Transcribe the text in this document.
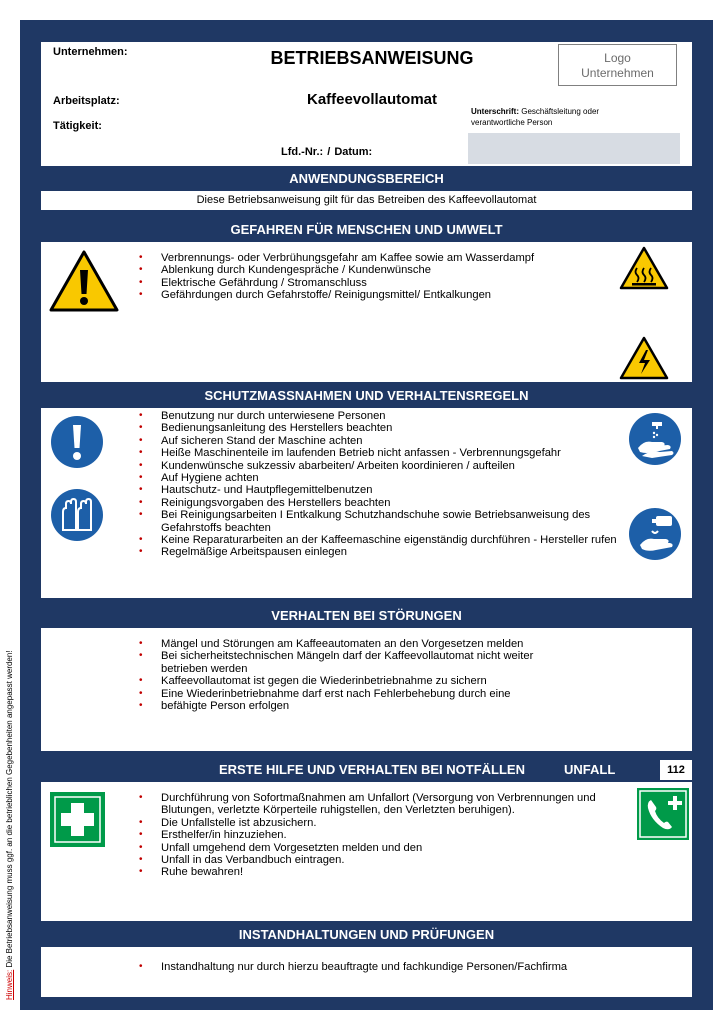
Hinweis: Die Betriebsanweisung muss ggf. an die betrieblichen Gegebenheiten angepasst werden!
Unternehmen:
Arbeitsplatz:
Tätigkeit:
BETRIEBSANWEISUNG
Kaffeevollautomat
Lfd.-Nr.: / Datum:
Logo
Unternehmen
Unterschrift: Geschäftsleitung oder verantwortliche Person
ANWENDUNGSBEREICH
Diese Betriebsanweisung gilt für das Betreiben des Kaffeevollautomat
GEFAHREN FÜR MENSCHEN UND UMWELT
• Verbrennungs- oder Verbrühungsgefahr am Kaffee sowie am Wasserdampf
• Ablenkung durch Kundengespräche / Kundenwünsche
• Elektrische Gefährdung / Stromanschluss
• Gefährdungen durch Gefahrstoffe/ Reinigungsmittel/ Entkalkungen
SCHUTZMASSNAHMEN UND VERHALTENSREGELN
• Benutzung nur durch unterwiesene Personen
• Bedienungsanleitung des Herstellers beachten
• Auf sicheren Stand der Maschine achten
• Heiße Maschinenteile im laufenden Betrieb nicht anfassen - Verbrennungsgefahr
• Kundenwünsche sukzessiv abarbeiten/ Arbeiten koordinieren / aufteilen
• Auf Hygiene achten
• Hautschutz- und Hautpflegemittelbenutzen
• Reinigungsvorgaben des Herstellers beachten
• Bei Reinigungsarbeiten I Entkalkung Schutzhandschuhe sowie Betriebsanweisung des Gefahrstoffs beachten
• Keine Reparaturarbeiten an der Kaffeemaschine eigenständig durchführen - Hersteller rufen
• Regelmäßige Arbeitspausen einlegen
VERHALTEN BEI STÖRUNGEN
• Mängel und Störungen am Kaffeeautomaten an den Vorgesetzen melden
• Bei sicherheitstechnischen Mängeln darf der Kaffeevollautomat nicht weiter betrieben werden
• Kaffeevollautomat ist gegen die Wiederinbetriebnahme zu sichern
• Eine Wiederinbetriebnahme darf erst nach Fehlerbehebung durch eine
• befähigte Person erfolgen
ERSTE HILFE UND VERHALTEN BEI NOTFÄLLEN	UNFALL	112
• Durchführung von Sofortmaßnahmen am Unfallort (Versorgung von Verbrennungen und Blutungen, verletzte Körperteile ruhigstellen, den Verletzten beruhigen).
• Die Unfallstelle ist abzusichern.
• Ersthelfer/in hinzuziehen.
• Unfall umgehend dem Vorgesetzten melden und den
• Unfall in das Verbandbuch eintragen.
• Ruhe bewahren!
INSTANDHALTUNGEN UND PRÜFUNGEN
• Instandhaltung nur durch hierzu beauftragte und fachkundige Personen/Fachfirma
